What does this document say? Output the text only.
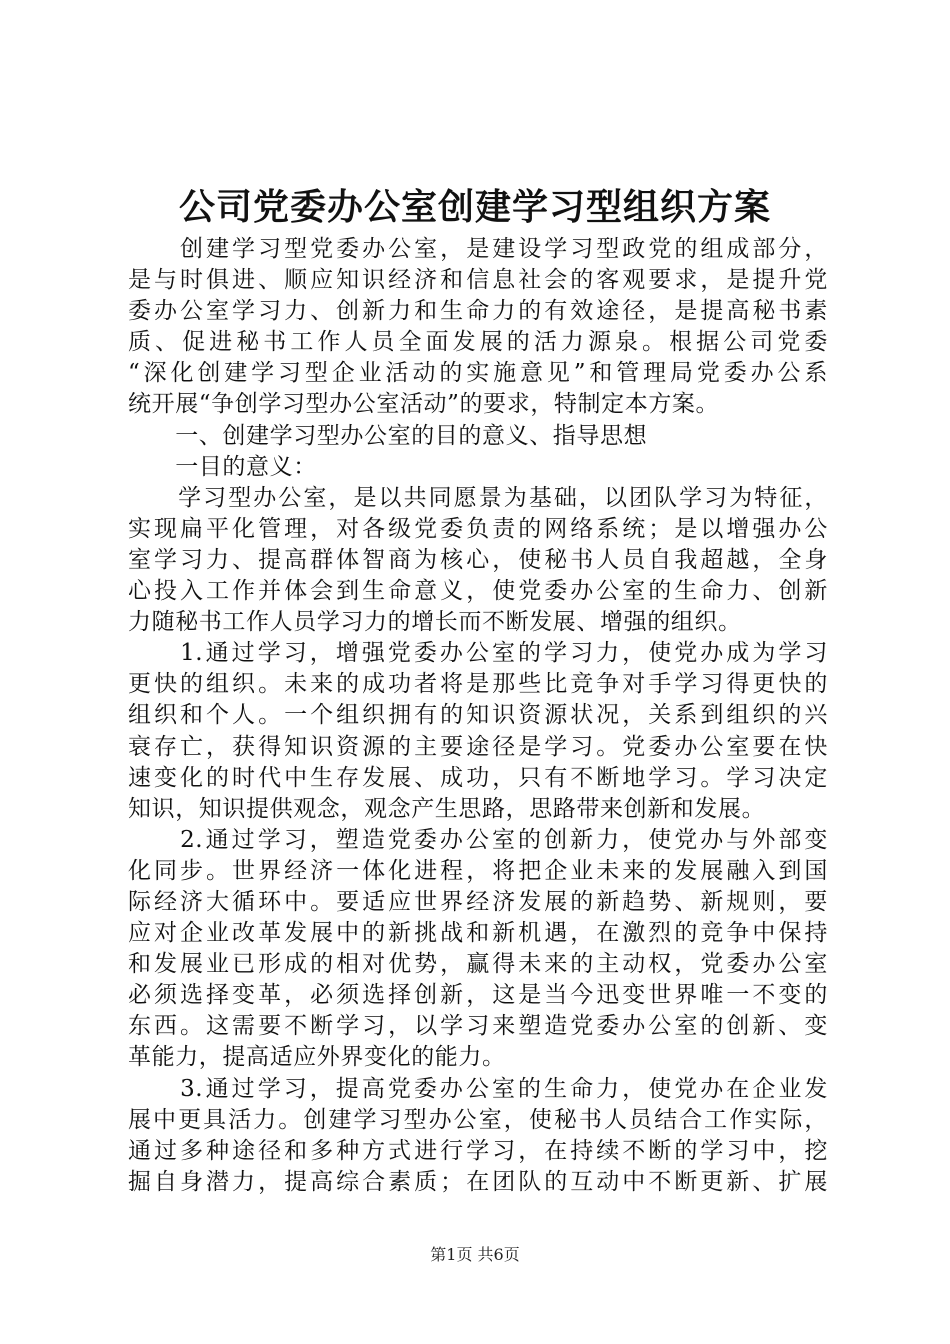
公司党委办公室创建学习型组织方案

　　创建学习型党委办公室，是建设学习型政党的组成部分，

是与时俱进、顺应知识经济和信息社会的客观要求，是提升党

委办公室学习力、创新力和生命力的有效途径，是提高秘书素

质、促进秘书工作人员全面发展的活力源泉。根据公司党委

“深化创建学习型企业活动的实施意见”和管理局党委办公系

统开展“争创学习型办公室活动”的要求，特制定本方案。

　　一、创建学习型办公室的目的意义、指导思想

　　一目的意义：

　　学习型办公室，是以共同愿景为基础，以团队学习为特征，

实现扁平化管理，对各级党委负责的网络系统；是以增强办公

室学习力、提高群体智商为核心，使秘书人员自我超越，全身

心投入工作并体会到生命意义，使党委办公室的生命力、创新

力随秘书工作人员学习力的增长而不断发展、增强的组织。

　　1.通过学习，增强党委办公室的学习力，使党办成为学习

更快的组织。未来的成功者将是那些比竞争对手学习得更快的

组织和个人。一个组织拥有的知识资源状况，关系到组织的兴

衰存亡，获得知识资源的主要途径是学习。党委办公室要在快

速变化的时代中生存发展、成功，只有不断地学习。学习决定

知识，知识提供观念，观念产生思路，思路带来创新和发展。

　　2.通过学习，塑造党委办公室的创新力，使党办与外部变

化同步。世界经济一体化进程，将把企业未来的发展融入到国

际经济大循环中。要适应世界经济发展的新趋势、新规则，要

应对企业改革发展中的新挑战和新机遇，在激烈的竞争中保持

和发展业已形成的相对优势，赢得未来的主动权，党委办公室

必须选择变革，必须选择创新，这是当今迅变世界唯一不变的

东西。这需要不断学习，以学习来塑造党委办公室的创新、变

革能力，提高适应外界变化的能力。

　　3.通过学习，提高党委办公室的生命力，使党办在企业发

展中更具活力。创建学习型办公室，使秘书人员结合工作实际，

通过多种途径和多种方式进行学习，在持续不断的学习中，挖

掘自身潜力，提高综合素质；在团队的互动中不断更新、扩展

第1页 共6页
